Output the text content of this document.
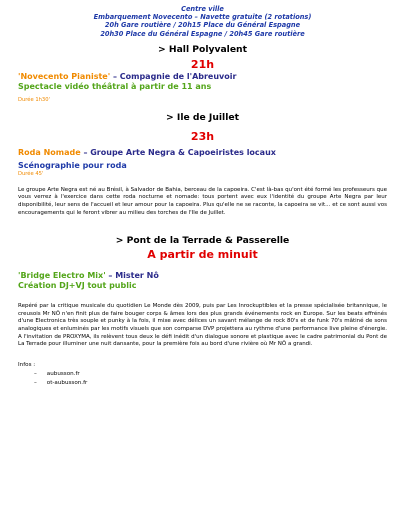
Centre ville
Embarquement Novecento – Navette gratuite (2 rotations)
20h Gare routière / 20h15 Place du Général Espagne
20h30 Place du Général Espagne / 20h45 Gare routière
> Hall Polyvalent
21h
'Novecento Pianiste' – Compagnie de l'Abreuvoir
Spectacle vidéo théâtral à partir de 11 ans
Durée 1h30'
> Ile de Juillet
23h
Roda Nomade – Groupe Arte Negra & Capoeiristes locaux
Scénographie pour roda
Durée 45'

Le groupe Arte Negra est né au Brésil, à Salvador de Bahia, berceau de la capoeira. C'est là-bas qu'ont été formé les professeurs que vous verrez à l'exercice dans cette roda nocturne et nomade: tous portent avec eux l'identité du groupe Arte Negra par leur disponibilité, leur sens de l'accueil et leur amour pour la capoeira. Plus qu'elle ne se raconte, la capoeira se vit... et ce sont aussi vos encouragements qui le feront vibrer au milieu des torches de l'Ile de Juillet.

> Pont de la Terrade & Passerelle
A partir de minuit
'Bridge Electro Mix' – Mister Nô
Création DJ+VJ tout public

Repéré par la critique musicale du quotidien Le Monde dès 2009, puis par Les Inrockuptibles et la presse spécialisée britannique, le creusois Mr NÔ n'en finit plus de faire bouger corps & âmes lors des plus grands événements rock en Europe. Sur les beats effrénés d'une Electronica très souple et punky à la fois, il mixe avec délices un savant mélange de rock 80's et de funk 70's mâtiné de sons analogiques et enluminés par les motifs visuels que son comparse DVP projettera au rythme d'une performance live pleine d'énergie. A l'invitation de PROXYMA, ils relèvent tous deux le défi inédit d'un dialogue sonore et plastique avec le cadre patrimonial du Pont de La Terrade pour illuminer une nuit dansante, pour la première fois au bord d'une rivière où Mr NÔ a grandi.

Infos :
– aubusson.fr
– ot-aubusson.fr
